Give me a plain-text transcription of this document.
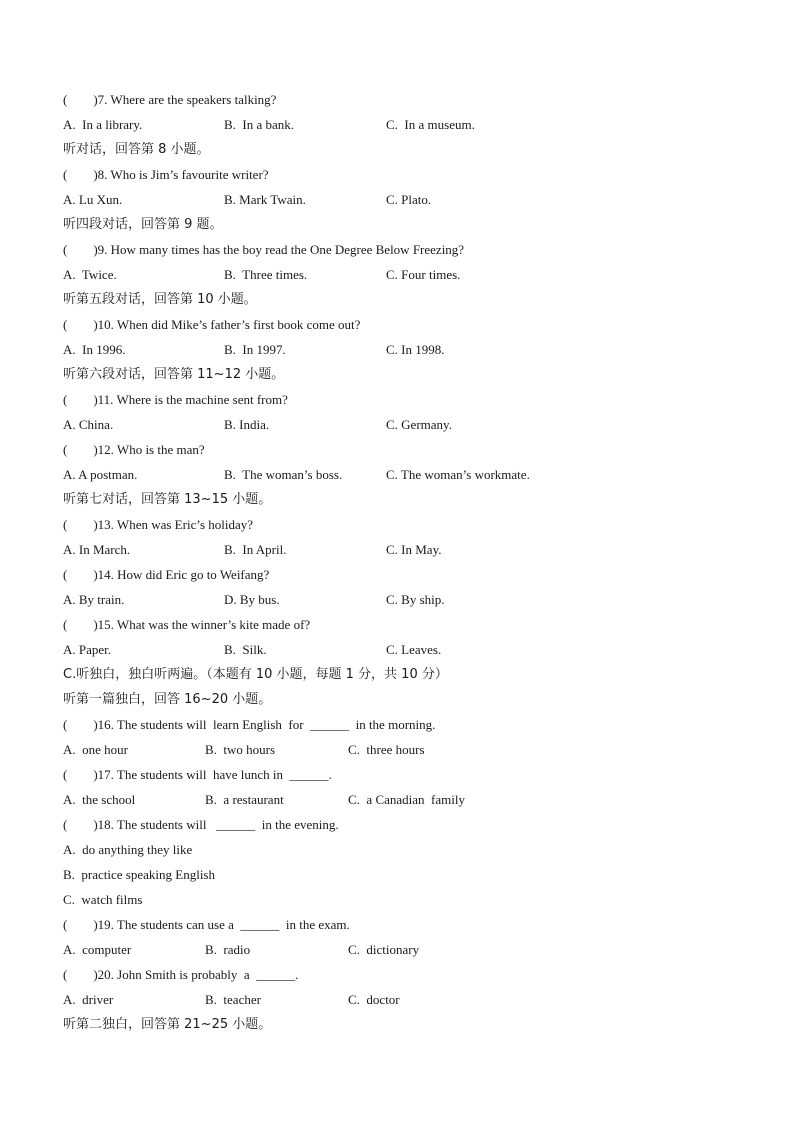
(        )7. Where are the speakers talking?
A.  In a library.	B.  In a bank.	C.  In a museum.
听对话，回答第 8 小题。
(        )8. Who is Jim’s favourite writer?
A. Lu Xun.	B. Mark Twain.	C. Plato.
听四段对话，回答第 9 题。
(        )9. How many times has the boy read the One Degree Below Freezing?
A.  Twice.	B.  Three times.	C. Four times.
听第五段对话，回答第 10 小题。
(        )10. When did Mike’s father’s first book come out?
A.  In 1996.	B.  In 1997.	C. In 1998.
听第六段对话，回答第 11~12 小题。
(        )11. Where is the machine sent from?
A. China.	B. India.	C. Germany.
(        )12. Who is the man?
A. A postman.	B.  The woman’s boss.	C. The woman’s workmate.
听第七对话，回答第 13~15 小题。
(        )13. When was Eric’s holiday?
A. In March.	B.  In April.	C. In May.
(        )14. How did Eric go to Weifang?
A. By train.	D. By bus.	C. By ship.
(        )15. What was the winner’s kite made of?
A. Paper.	B.  Silk.	C. Leaves.
C.听独白，独白听两遍。（本题有 10 小题，每题 1 分，共 10 分）
听第一篇独白，回答 16~20 小题。
(        )16. The students will  learn English  for  ______  in the morning.
A.  one hour	B.  two hours	C.  three hours
(        )17. The students will  have lunch in  ______.
A.  the school	B.  a restaurant	C.  a Canadian  family
(        )18. The students will   ______  in the evening.
A.  do anything they like
B.  practice speaking English
C.  watch films
(        )19. The students can use a  ______  in the exam.
A.  computer	B.  radio	C.  dictionary
(        )20. John Smith is probably  a  ______.
A.  driver	B.  teacher	C.  doctor
听第二独白，回答第 21~25 小题。
